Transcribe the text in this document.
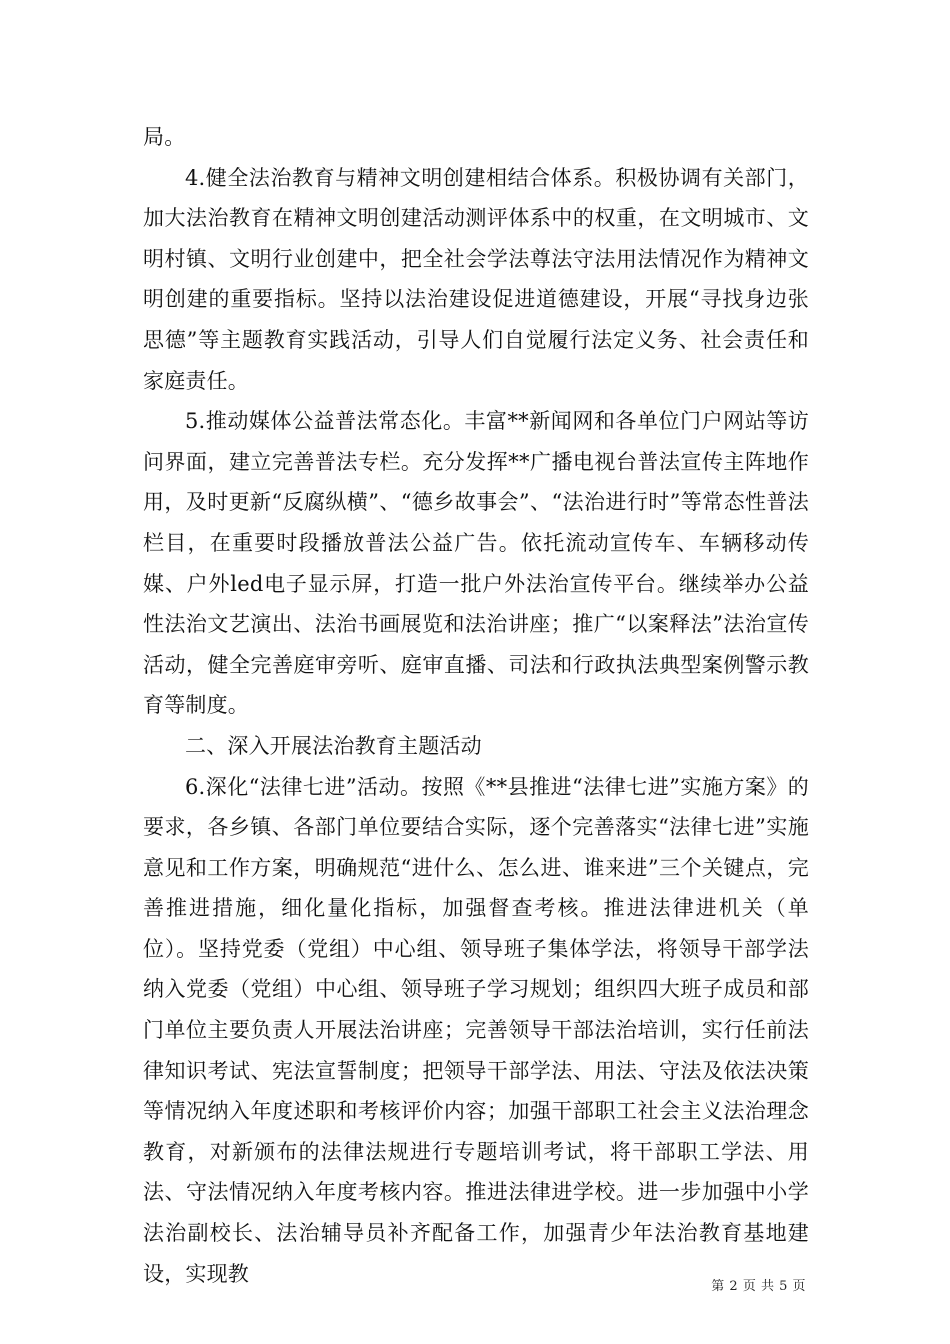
局。

4.健全法治教育与精神文明创建相结合体系。积极协调有关部门，加大法治教育在精神文明创建活动测评体系中的权重，在文明城市、文明村镇、文明行业创建中，把全社会学法尊法守法用法情况作为精神文明创建的重要指标。坚持以法治建设促进道德建设，开展“寻找身边张思德”等主题教育实践活动，引导人们自觉履行法定义务、社会责任和家庭责任。

5.推动媒体公益普法常态化。丰富**新闻网和各单位门户网站等访问界面，建立完善普法专栏。充分发挥**广播电视台普法宣传主阵地作用，及时更新“反腐纵横”、“德乡故事会”、“法治进行时”等常态性普法栏目，在重要时段播放普法公益广告。依托流动宣传车、车辆移动传媒、户外led电子显示屏，打造一批户外法治宣传平台。继续举办公益性法治文艺演出、法治书画展览和法治讲座；推广“以案释法”法治宣传活动，健全完善庭审旁听、庭审直播、司法和行政执法典型案例警示教育等制度。

二、深入开展法治教育主题活动

6.深化“法律七进”活动。按照《**县推进“法律七进”实施方案》的要求，各乡镇、各部门单位要结合实际，逐个完善落实“法律七进”实施意见和工作方案，明确规范“进什么、怎么进、谁来进”三个关键点，完善推进措施，细化量化指标，加强督查考核。推进法律进机关（单位）。坚持党委（党组）中心组、领导班子集体学法，将领导干部学法纳入党委（党组）中心组、领导班子学习规划；组织四大班子成员和部门单位主要负责人开展法治讲座；完善领导干部法治培训，实行任前法律知识考试、宪法宣誓制度；把领导干部学法、用法、守法及依法决策等情况纳入年度述职和考核评价内容；加强干部职工社会主义法治理念教育，对新颁布的法律法规进行专题培训考试，将干部职工学法、用法、守法情况纳入年度考核内容。推进法律进学校。进一步加强中小学法治副校长、法治辅导员补齐配备工作，加强青少年法治教育基地建设，实现教

第 2 页 共 5 页
